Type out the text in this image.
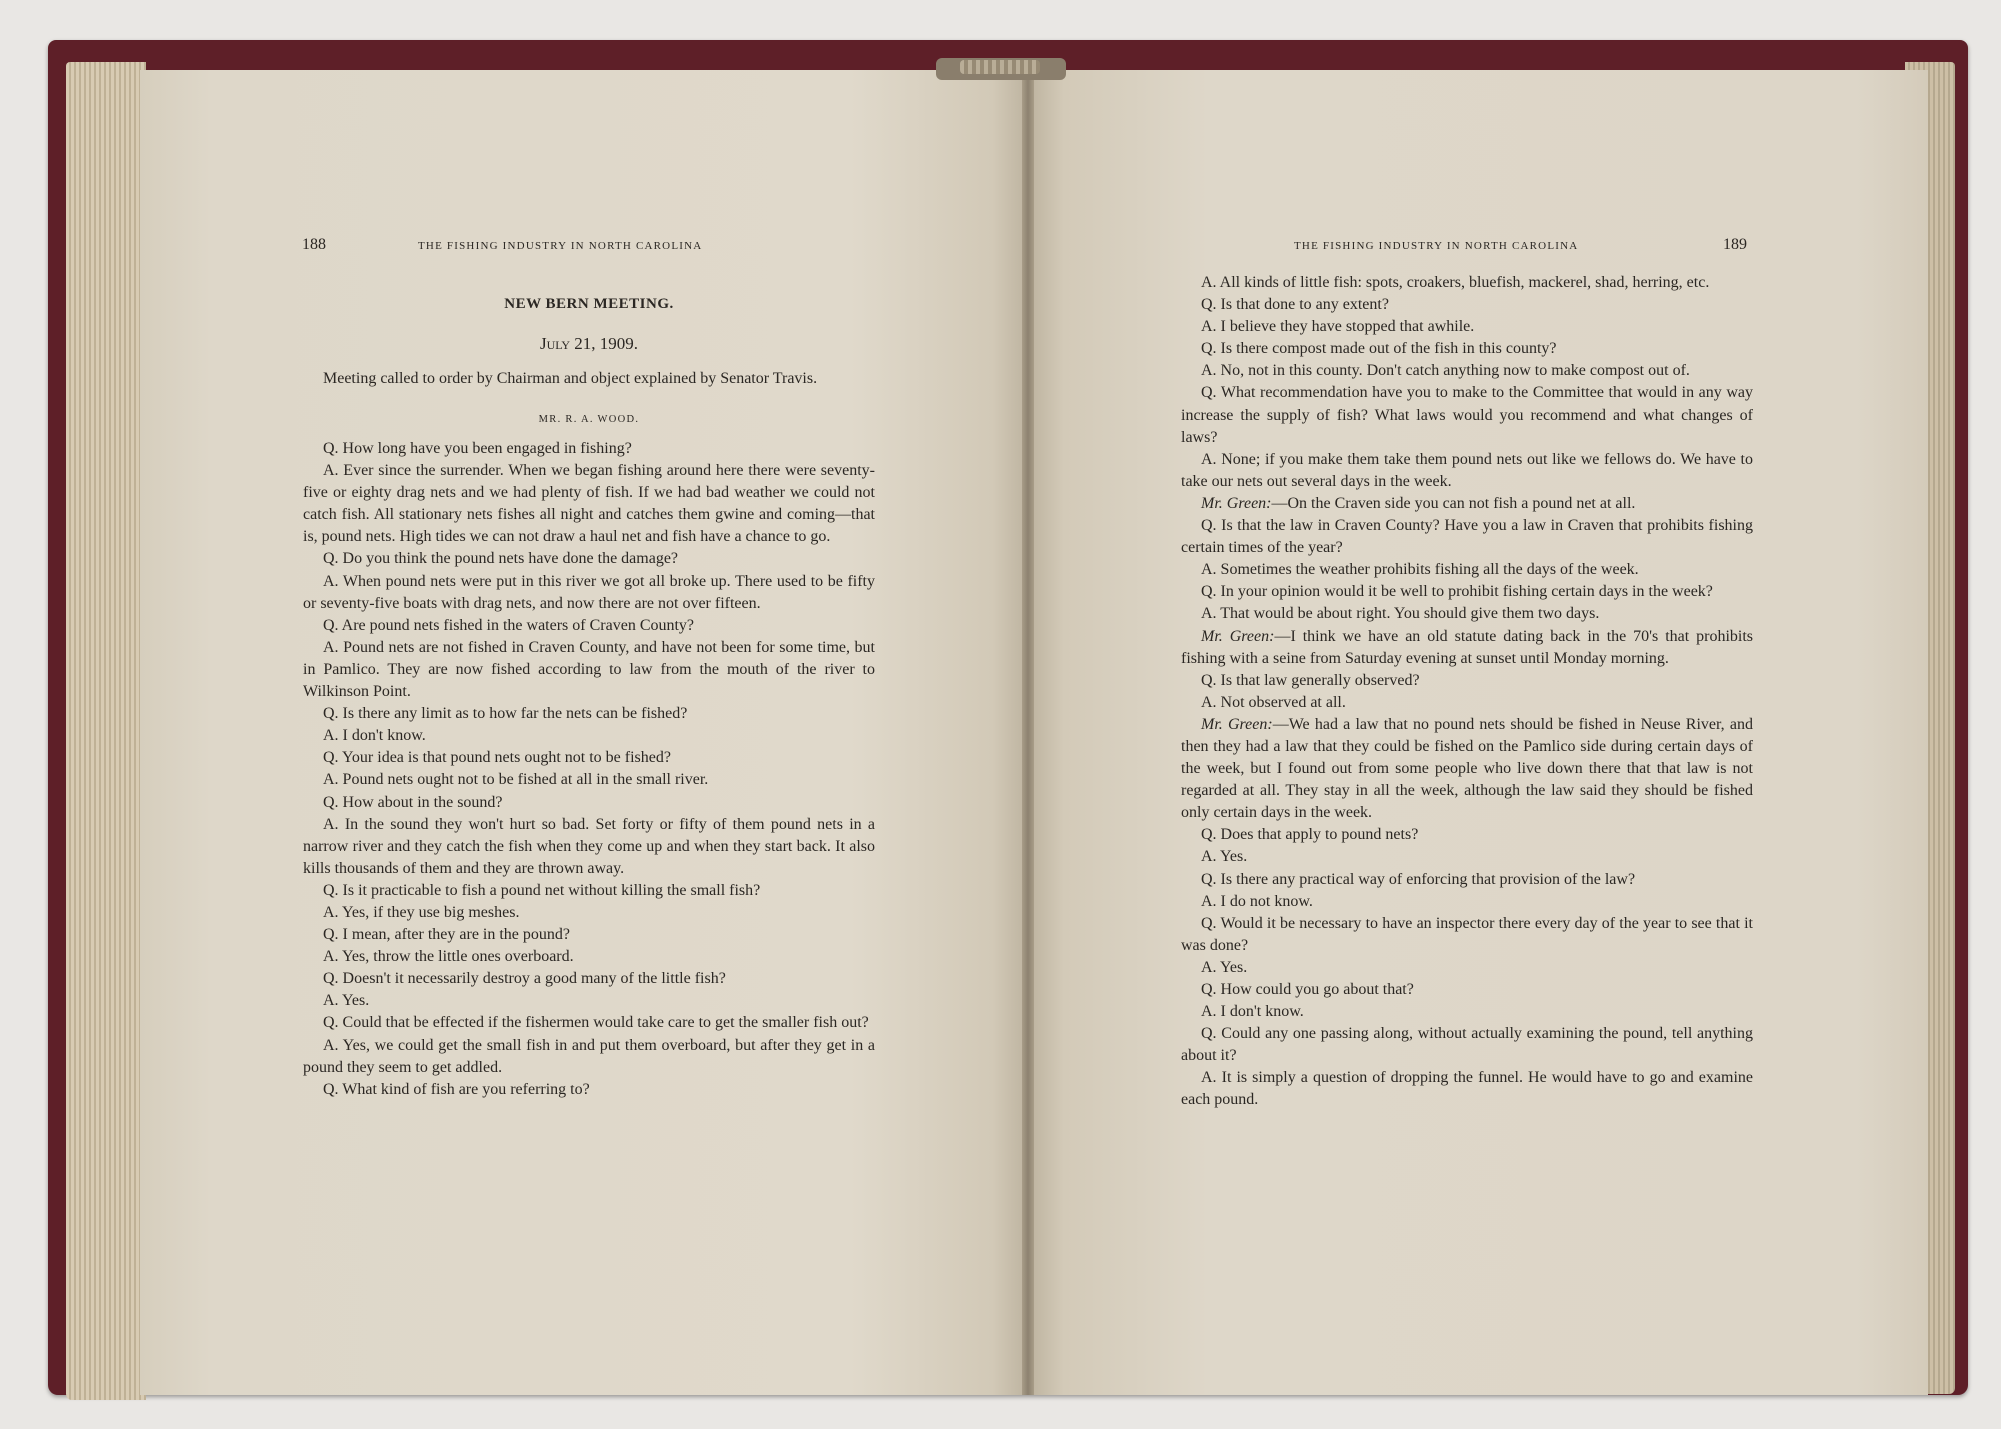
188	THE FISHING INDUSTRY IN NORTH CAROLINA
NEW BERN MEETING.
July 21, 1909.

Meeting called to order by Chairman and object explained by Senator Travis.

MR. R. A. WOOD.

Q. How long have you been engaged in fishing?

A. Ever since the surrender. When we began fishing around here there were seventy-five or eighty drag nets and we had plenty of fish. If we had bad weather we could not catch fish. All stationary nets fishes all night and catches them gwine and coming—that is, pound nets. High tides we can not draw a haul net and fish have a chance to go.

Q. Do you think the pound nets have done the damage?

A. When pound nets were put in this river we got all broke up. There used to be fifty or seventy-five boats with drag nets, and now there are not over fifteen.

Q. Are pound nets fished in the waters of Craven County?

A. Pound nets are not fished in Craven County, and have not been for some time, but in Pamlico. They are now fished according to law from the mouth of the river to Wilkinson Point.

Q. Is there any limit as to how far the nets can be fished?

A. I don't know.

Q. Your idea is that pound nets ought not to be fished?

A. Pound nets ought not to be fished at all in the small river.

Q. How about in the sound?

A. In the sound they won't hurt so bad. Set forty or fifty of them pound nets in a narrow river and they catch the fish when they come up and when they start back. It also kills thousands of them and they are thrown away.

Q. Is it practicable to fish a pound net without killing the small fish?

A. Yes, if they use big meshes.

Q. I mean, after they are in the pound?

A. Yes, throw the little ones overboard.

Q. Doesn't it necessarily destroy a good many of the little fish?

A. Yes.

Q. Could that be effected if the fishermen would take care to get the smaller fish out?

A. Yes, we could get the small fish in and put them overboard, but after they get in a pound they seem to get addled.

Q. What kind of fish are you referring to?

THE FISHING INDUSTRY IN NORTH CAROLINA	189

A. All kinds of little fish: spots, croakers, bluefish, mackerel, shad, herring, etc.

Q. Is that done to any extent?

A. I believe they have stopped that awhile.

Q. Is there compost made out of the fish in this county?

A. No, not in this county. Don't catch anything now to make compost out of.

Q. What recommendation have you to make to the Committee that would in any way increase the supply of fish? What laws would you recommend and what changes of laws?

A. None; if you make them take them pound nets out like we fellows do. We have to take our nets out several days in the week.

Mr. Green:—On the Craven side you can not fish a pound net at all.

Q. Is that the law in Craven County? Have you a law in Craven that prohibits fishing certain times of the year?

A. Sometimes the weather prohibits fishing all the days of the week.

Q. In your opinion would it be well to prohibit fishing certain days in the week?

A. That would be about right. You should give them two days.

Mr. Green:—I think we have an old statute dating back in the 70's that prohibits fishing with a seine from Saturday evening at sunset until Monday morning.

Q. Is that law generally observed?

A. Not observed at all.

Mr. Green:—We had a law that no pound nets should be fished in Neuse River, and then they had a law that they could be fished on the Pamlico side during certain days of the week, but I found out from some people who live down there that that law is not regarded at all. They stay in all the week, although the law said they should be fished only certain days in the week.

Q. Does that apply to pound nets?

A. Yes.

Q. Is there any practical way of enforcing that provision of the law?

A. I do not know.

Q. Would it be necessary to have an inspector there every day of the year to see that it was done?

A. Yes.

Q. How could you go about that?

A. I don't know.

Q. Could any one passing along, without actually examining the pound, tell anything about it?

A. It is simply a question of dropping the funnel. He would have to go and examine each pound.
